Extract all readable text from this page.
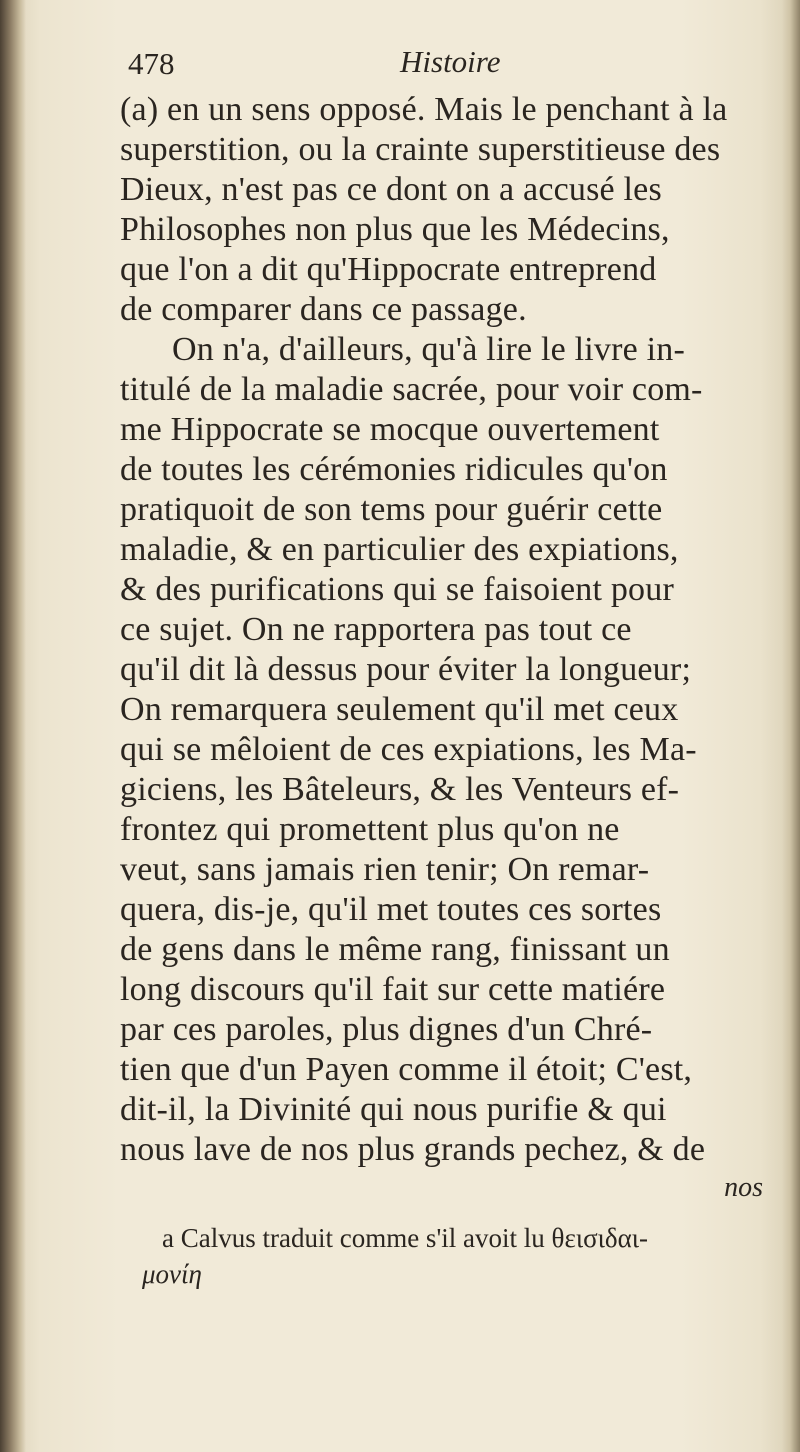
478	Histoire
(a) en un sens opposé. Mais le penchant à la
superstition, ou la crainte superstitieuse des
Dieux, n'est pas ce dont on a accusé les
Philosophes non plus que les Médecins,
que l'on a dit qu'Hippocrate entreprend
de comparer dans ce passage.
On n'a, d'ailleurs, qu'à lire le livre in-
titulé de la maladie sacrée, pour voir com-
me Hippocrate se mocque ouvertement
de toutes les cérémonies ridicules qu'on
pratiquoit de son tems pour guérir cette
maladie, & en particulier des expiations,
& des purifications qui se faisoient pour
ce sujet. On ne rapportera pas tout ce
qu'il dit là dessus pour éviter la longueur;
On remarquera seulement qu'il met ceux
qui se mêloient de ces expiations, les Ma-
giciens, les Bâteleurs, & les Venteurs ef-
frontez qui promettent plus qu'on ne
veut, sans jamais rien tenir; On remar-
quera, dis-je, qu'il met toutes ces sortes
de gens dans le même rang, finissant un
long discours qu'il fait sur cette matiére
par ces paroles, plus dignes d'un Chré-
tien que d'un Payen comme il étoit; C'est,
dit-il, la Divinité qui nous purifie & qui
nous lave de nos plus grands pechez, & de
nos
a Calvus traduit comme s'il avoit lu θεισιδαι-
μονίη
